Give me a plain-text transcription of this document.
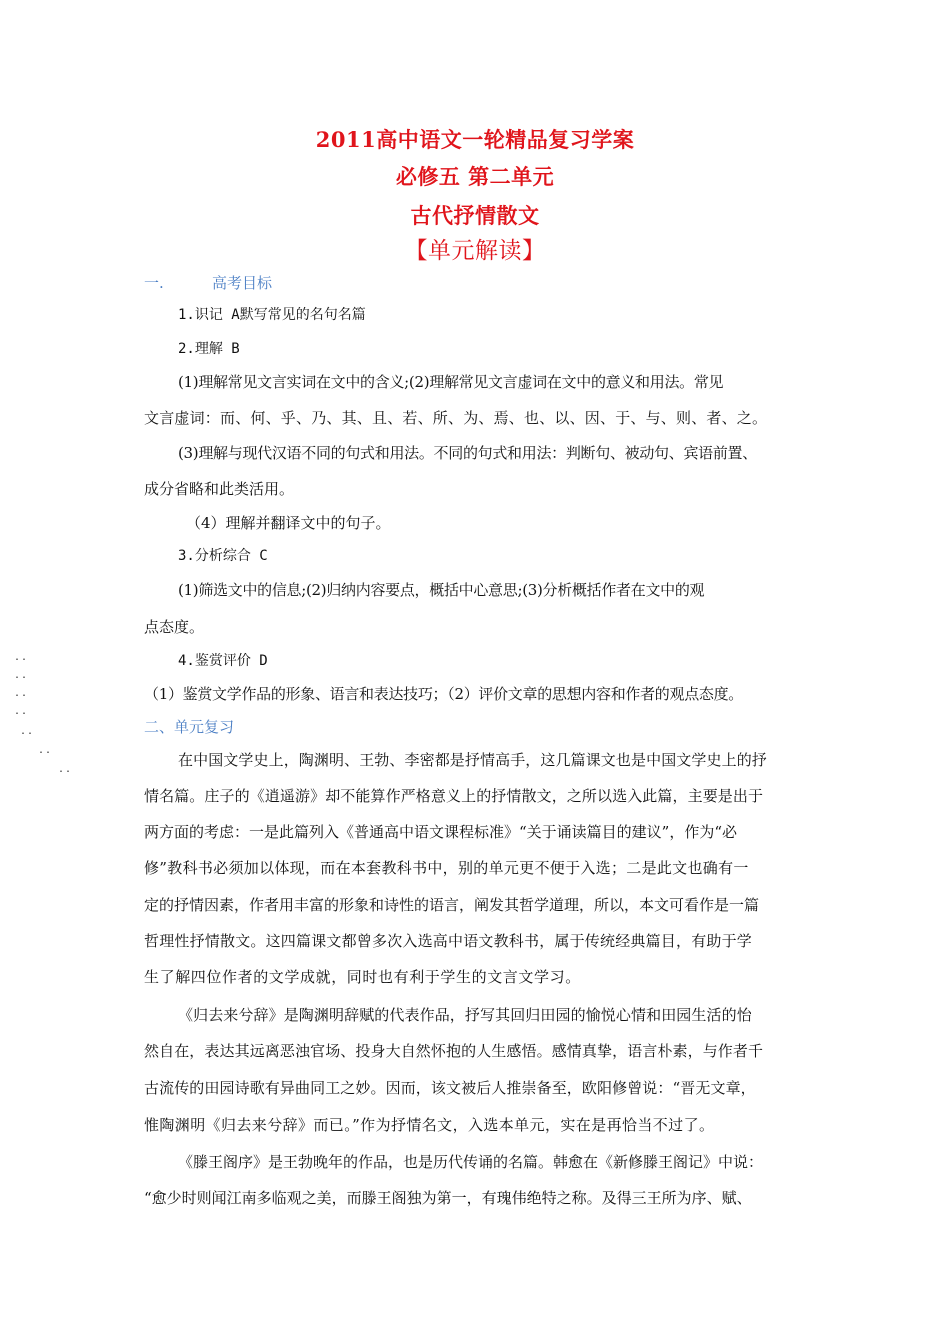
2011高中语文一轮精品复习学案
必修五 第二单元
古代抒情散文
【单元解读】
一.	高考目标
1.识记 A默写常见的名句名篇
2.理解 B
(1)理解常见文言实词在文中的含义;(2)理解常见文言虚词在文中的意义和用法。常见
文言虚词：而、何、乎、乃、其、且、若、所、为、焉、也、以、因、于、与、则、者、之。
(3)理解与现代汉语不同的句式和用法。不同的句式和用法：判断句、被动句、宾语前置、
成分省略和此类活用。
（4）理解并翻译文中的句子。
3.分析综合 C
(1)筛选文中的信息;(2)归纳内容要点，概括中心意思;(3)分析概括作者在文中的观
点态度。
4.鉴赏评价 D
（1）鉴赏文学作品的形象、语言和表达技巧；（2）评价文章的思想内容和作者的观点态度。
..
..
..
..
..
..
..
二、单元复习
在中国文学史上，陶渊明、王勃、李密都是抒情高手，这几篇课文也是中国文学史上的抒
情名篇。庄子的《逍遥游》却不能算作严格意义上的抒情散文，之所以选入此篇，主要是出于
两方面的考虑：一是此篇列入《普通高中语文课程标准》“关于诵读篇目的建议”，作为“必
修”教科书必须加以体现，而在本套教科书中，别的单元更不便于入选；二是此文也确有一
定的抒情因素，作者用丰富的形象和诗性的语言，阐发其哲学道理，所以，本文可看作是一篇
哲理性抒情散文。这四篇课文都曾多次入选高中语文教科书，属于传统经典篇目，有助于学
生了解四位作者的文学成就，同时也有利于学生的文言文学习。
《归去来兮辞》是陶渊明辞赋的代表作品，抒写其回归田园的愉悦心情和田园生活的怡
然自在，表达其远离恶浊官场、投身大自然怀抱的人生感悟。感情真挚，语言朴素，与作者千
古流传的田园诗歌有异曲同工之妙。因而，该文被后人推崇备至，欧阳修曾说：“晋无文章，
惟陶渊明《归去来兮辞》而已。”作为抒情名文，入选本单元，实在是再恰当不过了。
《滕王阁序》是王勃晚年的作品，也是历代传诵的名篇。韩愈在《新修滕王阁记》中说：
“愈少时则闻江南多临观之美，而滕王阁独为第一，有瑰伟绝特之称。及得三王所为序、赋、
